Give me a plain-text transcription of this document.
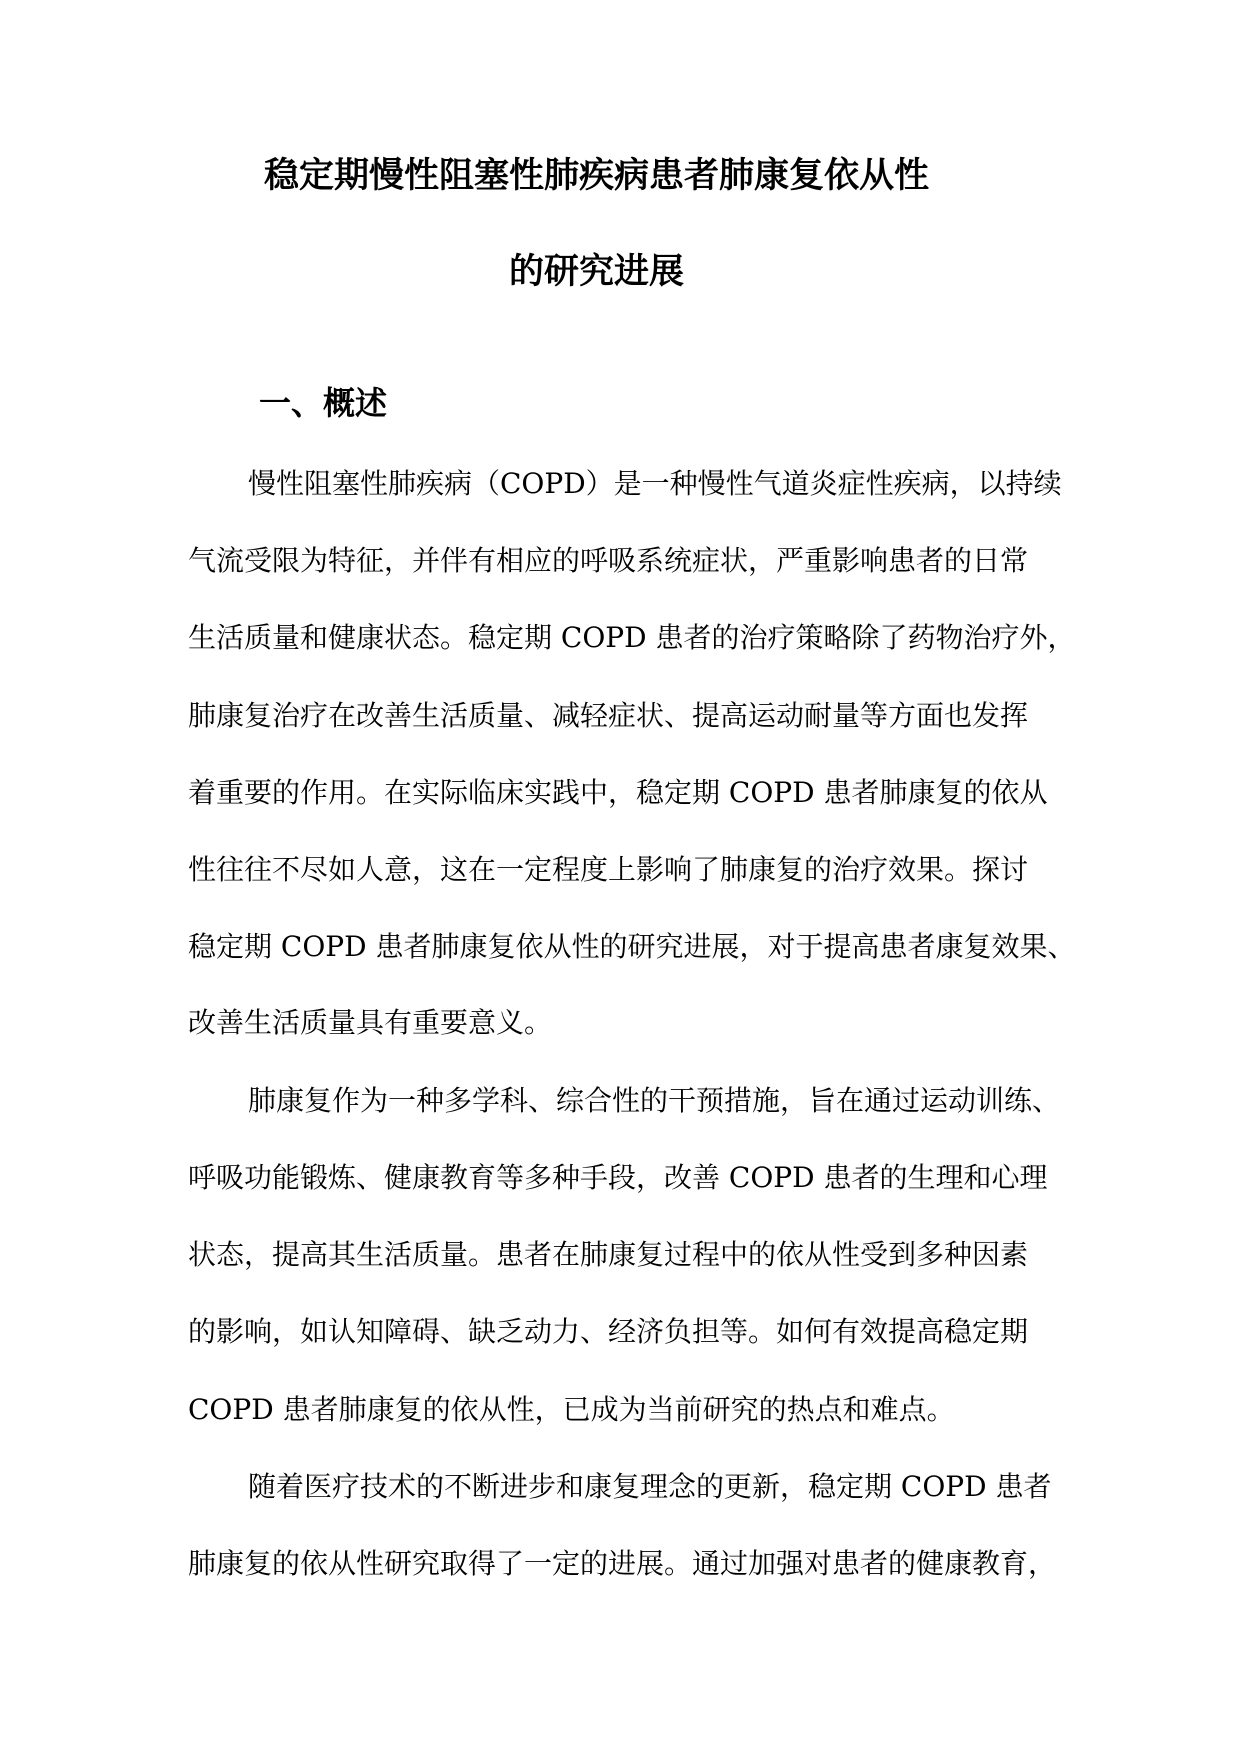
稳定期慢性阻塞性肺疾病患者肺康复依从性
的研究进展
一、概述

慢性阻塞性肺疾病（COPD）是一种慢性气道炎症性疾病，以持续

气流受限为特征，并伴有相应的呼吸系统症状，严重影响患者的日常

生活质量和健康状态。稳定期 COPD 患者的治疗策略除了药物治疗外，

肺康复治疗在改善生活质量、减轻症状、提高运动耐量等方面也发挥

着重要的作用。在实际临床实践中，稳定期 COPD 患者肺康复的依从

性往往不尽如人意，这在一定程度上影响了肺康复的治疗效果。探讨

稳定期 COPD 患者肺康复依从性的研究进展，对于提高患者康复效果、

改善生活质量具有重要意义。

肺康复作为一种多学科、综合性的干预措施，旨在通过运动训练、

呼吸功能锻炼、健康教育等多种手段，改善 COPD 患者的生理和心理

状态，提高其生活质量。患者在肺康复过程中的依从性受到多种因素

的影响，如认知障碍、缺乏动力、经济负担等。如何有效提高稳定期

COPD 患者肺康复的依从性，已成为当前研究的热点和难点。

随着医疗技术的不断进步和康复理念的更新，稳定期 COPD 患者

肺康复的依从性研究取得了一定的进展。通过加强对患者的健康教育，
